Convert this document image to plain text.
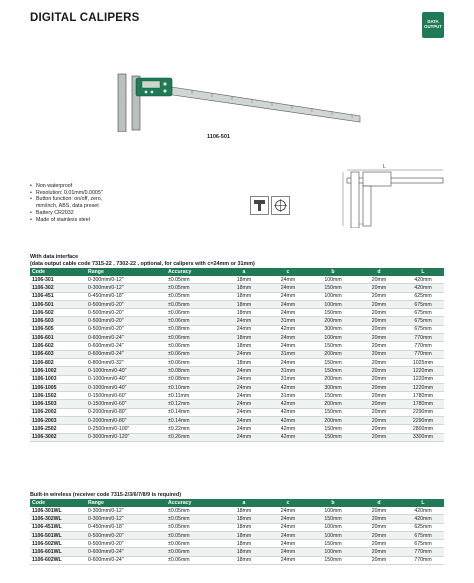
DIGITAL CALIPERS	DATA
OUTPUT
1106-501
• Non waterproof
• Resolution: 0.01mm/0.0005"
• Button function: on/off, zero,
mm/inch, ABS, data preset
• Battery CR2032
• Made of stainless steel
L
With data interface
(data output cable code 7315-22 , 7302-22 , optional, for calipers with c=24mm or 31mm)
Code	Range	Accuracy	a	c	b	d	L
1106-301	0-300mm/0-12"	±0.05mm	18mm	24mm	100mm	20mm	420mm
1106-302	0-300mm/0-12"	±0.05mm	18mm	24mm	150mm	20mm	420mm
1106-451	0-450mm/0-18"	±0.05mm	18mm	24mm	100mm	20mm	625mm
1106-501	0-500mm/0-20"	±0.05mm	18mm	24mm	100mm	20mm	675mm
1106-502	0-500mm/0-20"	±0.06mm	18mm	24mm	150mm	20mm	675mm
1106-503	0-500mm/0-20"	±0.06mm	24mm	31mm	200mm	20mm	675mm
1106-505	0-500mm/0-20"	±0.08mm	24mm	42mm	300mm	20mm	675mm
1106-601	0-600mm/0-24"	±0.06mm	18mm	24mm	100mm	20mm	770mm
1106-602	0-600mm/0-24"	±0.06mm	18mm	24mm	150mm	20mm	770mm
1106-603	0-600mm/0-24"	±0.06mm	24mm	31mm	200mm	20mm	770mm
1106-802	0-800mm/0-32"	±0.06mm	18mm	24mm	150mm	20mm	1025mm
1106-1002	0-1000mm/0-40"	±0.08mm	24mm	31mm	150mm	20mm	1220mm
1106-1003	0-1000mm/0-40"	±0.08mm	24mm	31mm	200mm	20mm	1220mm
1106-1005	0-1000mm/0-40"	±0.10mm	24mm	42mm	300mm	20mm	1220mm
1106-1502	0-1500mm/0-60"	±0.11mm	24mm	31mm	150mm	20mm	1780mm
1106-1503	0-1500mm/0-60"	±0.12mm	24mm	42mm	200mm	20mm	1780mm
1106-2002	0-2000mm/0-80"	±0.14mm	24mm	42mm	150mm	20mm	2290mm
1106-2003	0-2000mm/0-80"	±0.14mm	24mm	42mm	200mm	20mm	2290mm
1106-2502	0-2500mm/0-100"	±0.22mm	24mm	42mm	150mm	20mm	2800mm
1106-3002	0-3000mm/0-120"	±0.26mm	24mm	42mm	150mm	20mm	3300mm
Built-in wireless (receiver code 7315-2/3/6/7/8/9 is required)
Code	Range	Accuracy	a	c	b	d	L
1106-301WL	0-300mm/0-12"	±0.05mm	18mm	24mm	100mm	20mm	420mm
1106-302WL	0-300mm/0-12"	±0.05mm	18mm	24mm	150mm	20mm	420mm
1106-451WL	0-450mm/0-18"	±0.05mm	18mm	24mm	100mm	20mm	625mm
1106-501WL	0-500mm/0-20"	±0.05mm	18mm	24mm	100mm	20mm	675mm
1106-502WL	0-500mm/0-20"	±0.06mm	18mm	24mm	150mm	20mm	675mm
1106-601WL	0-600mm/0-24"	±0.06mm	18mm	24mm	100mm	20mm	770mm
1106-602WL	0-600mm/0-24"	±0.06mm	18mm	24mm	150mm	20mm	770mm
